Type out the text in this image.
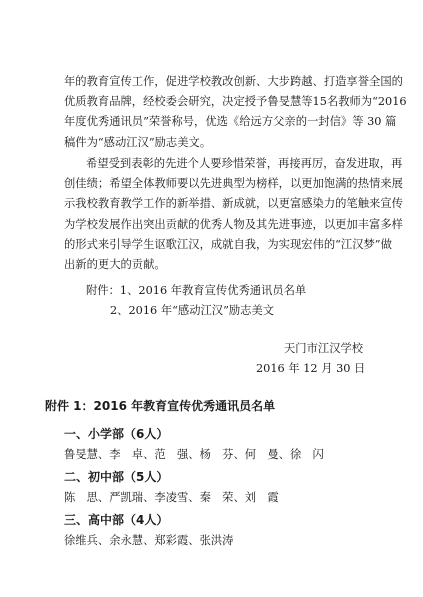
年的教育宣传工作，促进学校教改创新、大步跨越、打造享誉全国的
优质教育品牌，经校委会研究，决定授予鲁旻慧等15名教师为“2016
年度优秀通讯员”荣誉称号，优选《给远方父亲的一封信》等 30 篇
稿件为“感动江汉”励志美文。
希望受到表彰的先进个人要珍惜荣誉，再接再厉，奋发进取，再
创佳绩；希望全体教师要以先进典型为榜样，以更加饱满的热情来展
示我校教育教学工作的新举措、新成就，以更富感染力的笔触来宣传
为学校发展作出突出贡献的优秀人物及其先进事迹，以更加丰富多样
的形式来引导学生讴歌江汉，成就自我，为实现宏伟的“江汉梦”做
出新的更大的贡献。
附件：1、2016 年教育宣传优秀通讯员名单
2、2016 年“感动江汉”励志美文
天门市江汉学校
2016 年 12 月 30 日
附件 1：2016 年教育宣传优秀通讯员名单
一、小学部（6人）
鲁旻慧、李　卓、范　强、杨　芬、何　曼、徐　闪
二、初中部（5人）
陈　思、严凯瑞、李凌雪、秦　荣、刘　霞
三、高中部（4人）
徐维兵、余永慧、郑彩霞、张洪涛
